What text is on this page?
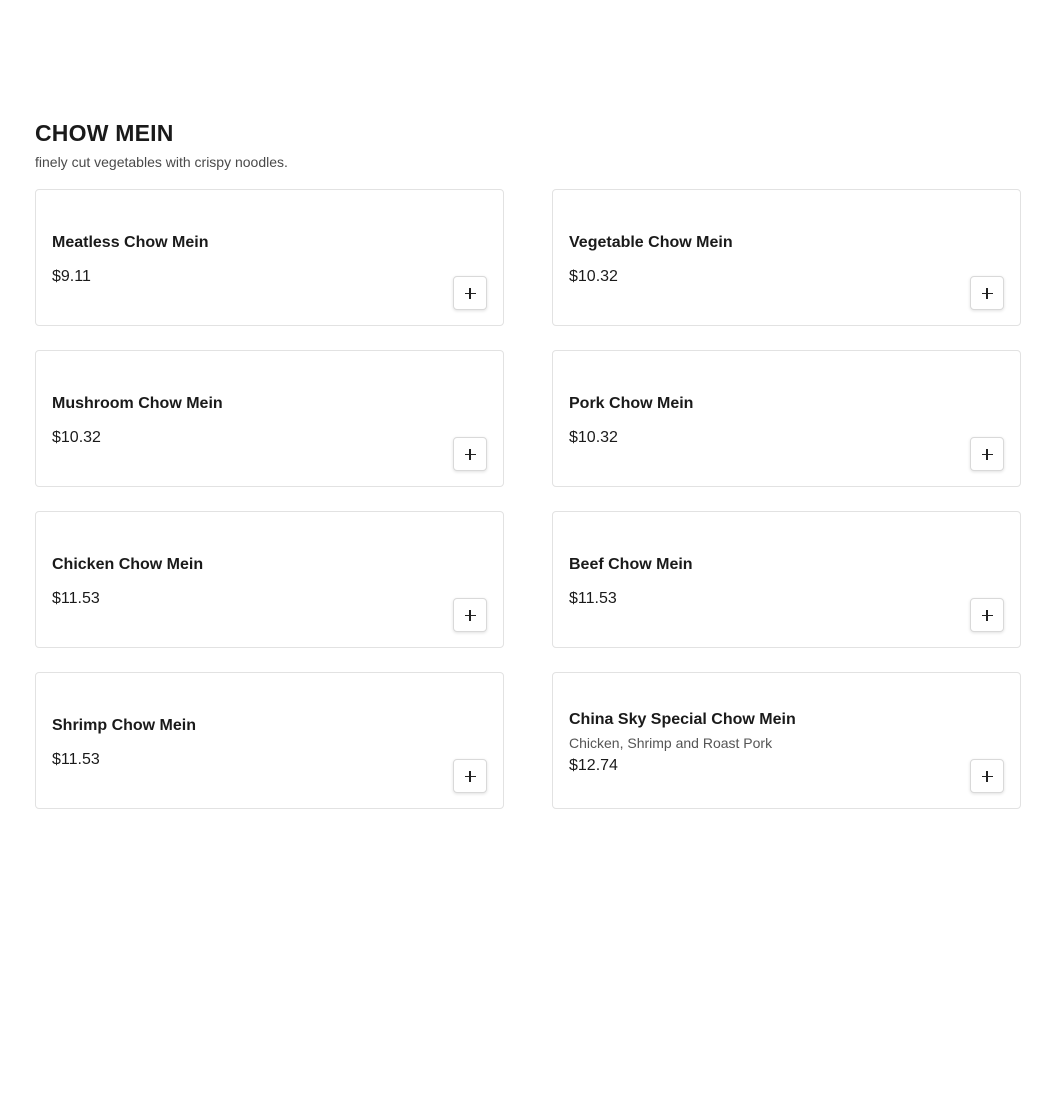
CHOW MEIN

finely cut vegetables with crispy noodles.

Meatless Chow Mein
$9.11
Vegetable Chow Mein
$10.32
Mushroom Chow Mein
$10.32
Pork Chow Mein
$10.32
Chicken Chow Mein
$11.53
Beef Chow Mein
$11.53
Shrimp Chow Mein
$11.53
China Sky Special Chow Mein
Chicken, Shrimp and Roast Pork
$12.74
